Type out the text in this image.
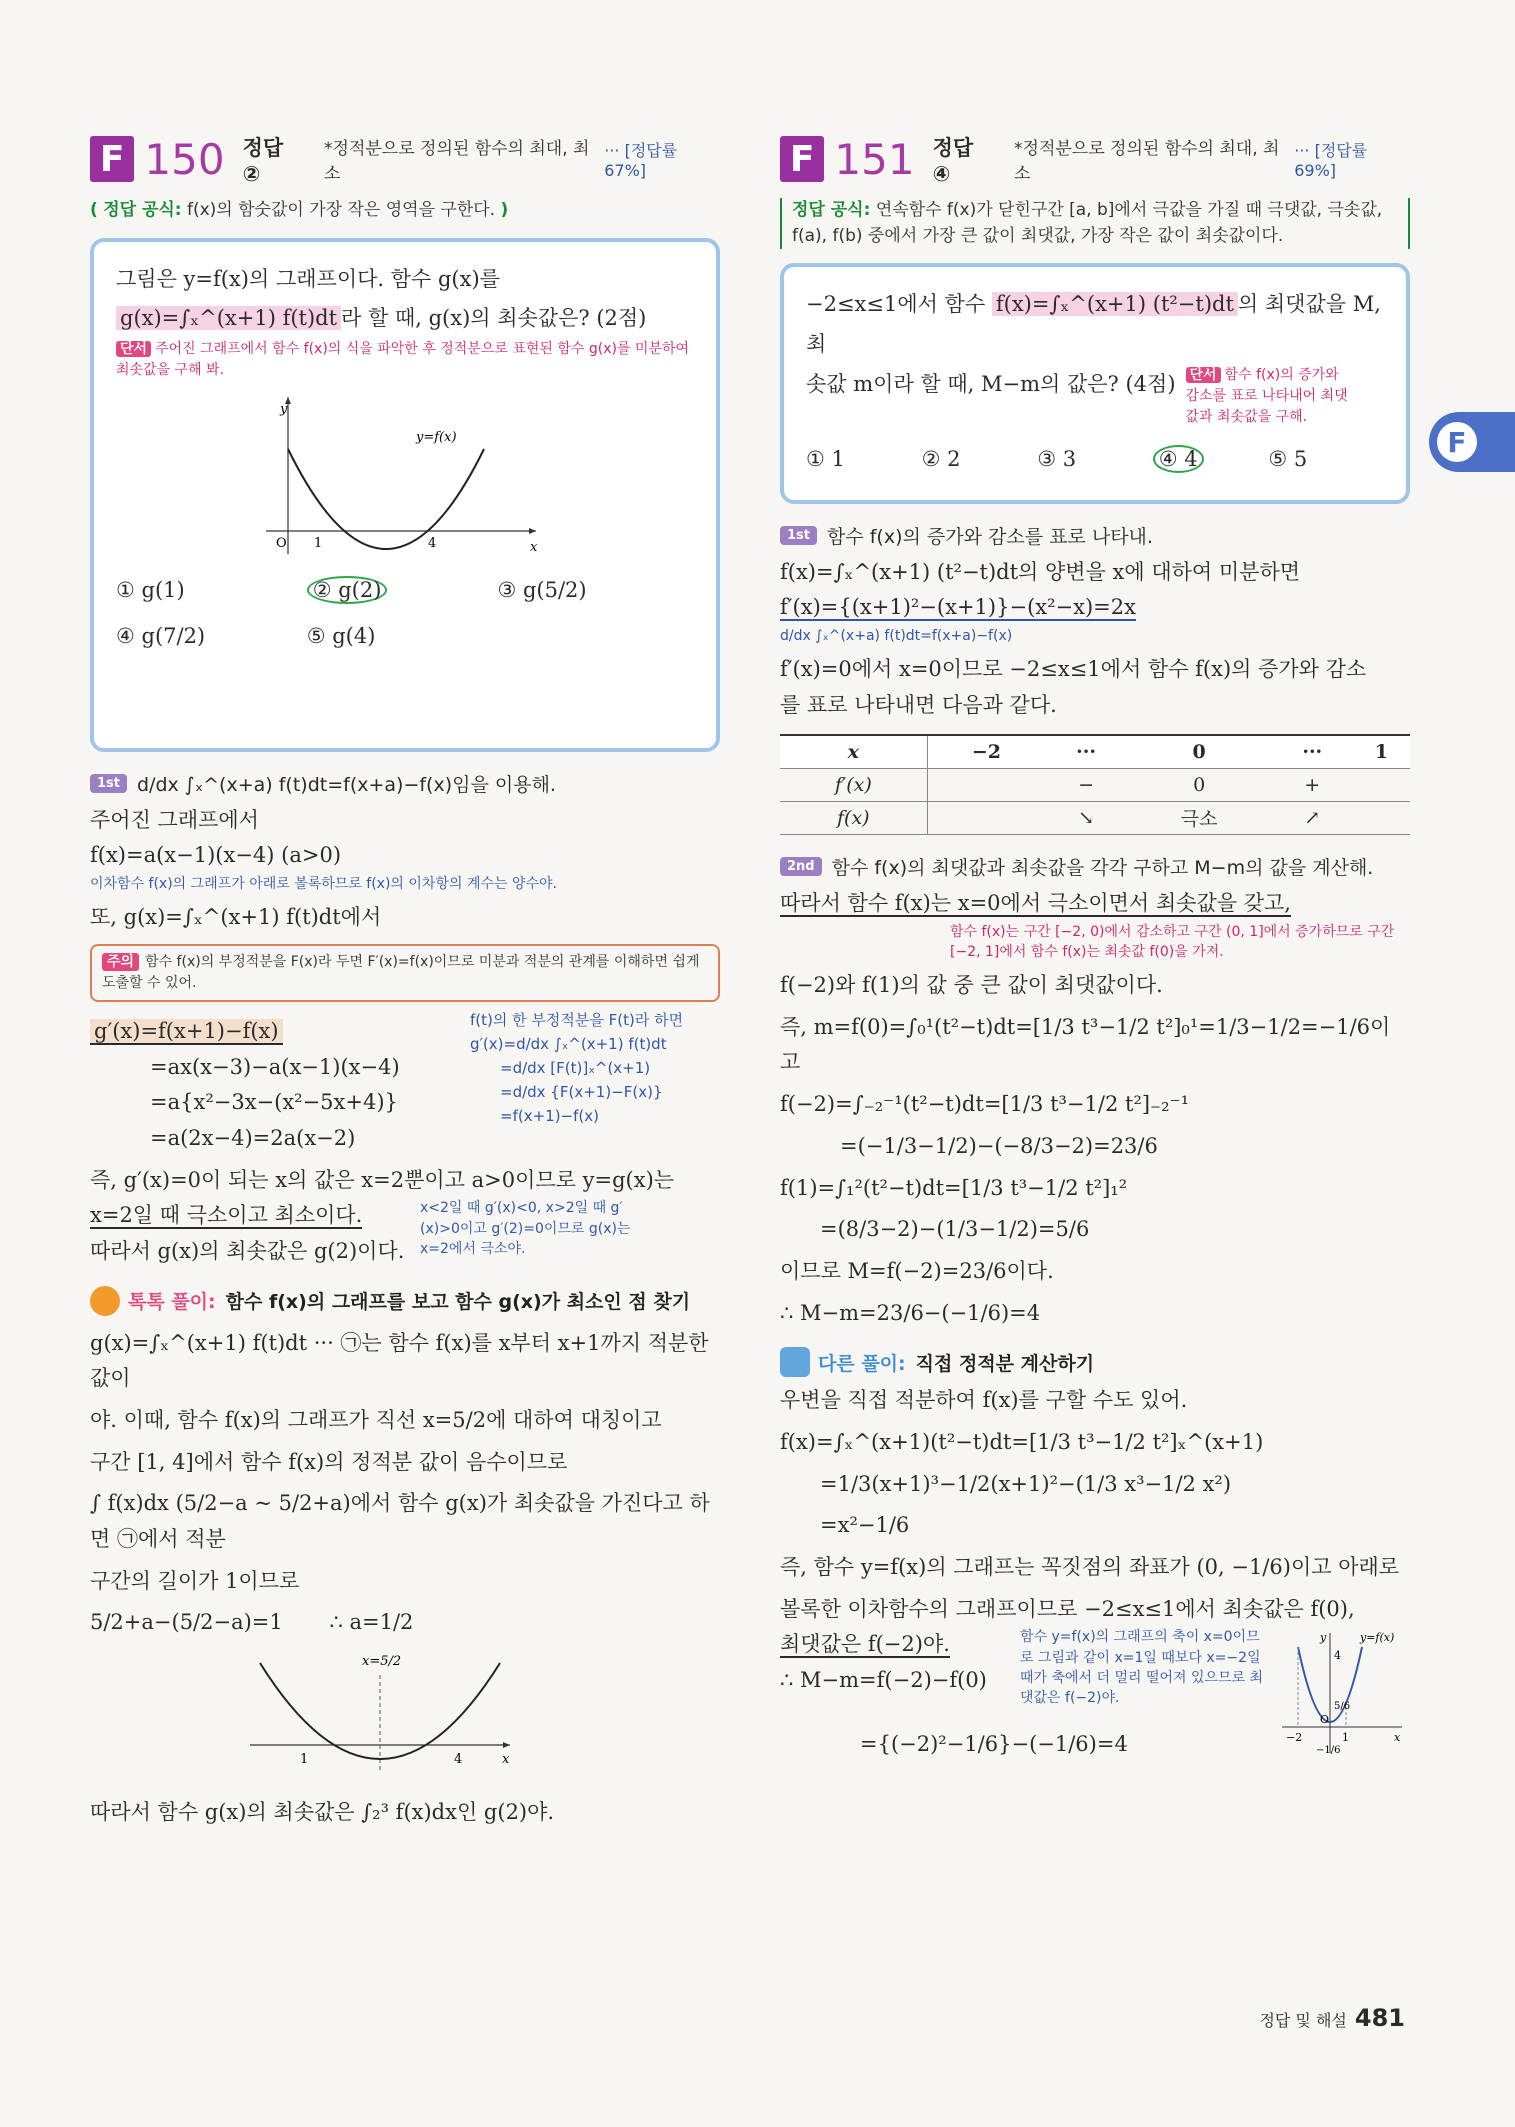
F 150 정답 ②
*정적분으로 정의된 함수의 최대, 최소
··· [정답률 67%]
( 정답 공식: f(x)의 함숫값이 가장 작은 영역을 구한다. )
그림은 y=f(x)의 그래프이다. 함수 g(x)를
g(x)=∫ₓ^(x+1) f(t)dt 라 할 때, g(x)의 최솟값은? (2점)
단서 주어진 그래프에서 함수 f(x)의 식을 파악한 후 정적분으로 표현된 함수 g(x)를 미분하여 최솟값을 구해 봐.
y
x
y=f(x)
O 1	4
① g(1)	② g(2)	③ g(5/2)
④ g(7/2)	⑤ g(4)
1st d/dx ∫ₓ^(x+a) f(t)dt=f(x+a)−f(x)임을 이용해.
주어진 그래프에서
f(x)=a(x−1)(x−4) (a>0)
이차함수 f(x)의 그래프가 아래로 볼록하므로 f(x)의 이차항의 계수는 양수야.
또, g(x)=∫ₓ^(x+1) f(t)dt에서
주의 함수 f(x)의 부정적분을 F(x)라 두면 F′(x)=f(x)이므로 미분과 적분의 관계를 이해하면 쉽게 도출할 수 있어.
g′(x)=f(x+1)−f(x)
=ax(x−3)−a(x−1)(x−4)
=a{x²−3x−(x²−5x+4)}
=a(2x−4)=2a(x−2)
f(t)의 한 부정적분을 F(t)라 하면
g′(x)=d/dx ∫ₓ^(x+1) f(t)dt
=d/dx [F(t)]ₓ^(x+1)
=d/dx {F(x+1)−F(x)}
=f(x+1)−f(x)
즉, g′(x)=0이 되는 x의 값은 x=2뿐이고 a>0이므로 y=g(x)는
x=2일 때 극소이고 최소이다.
따라서 g(x)의 최솟값은 g(2)이다.
x<2일 때 g′(x)<0, x>2일 때 g′(x)>0이고 g′(2)=0이므로 g(x)는 x=2에서 극소야.
톡톡 풀이: 함수 f(x)의 그래프를 보고 함수 g(x)가 최소인 점 찾기
g(x)=∫ₓ^(x+1) f(t)dt ··· ㉠는 함수 f(x)를 x부터 x+1까지 적분한 값이
야. 이때, 함수 f(x)의 그래프가 직선 x=5/2에 대하여 대칭이고
구간 [1, 4]에서 함수 f(x)의 정적분 값이 음수이므로
∫ f(x)dx (5/2−a ~ 5/2+a)에서 함수 g(x)가 최솟값을 가진다고 하면 ㉠에서 적분
구간의 길이가 1이므로
5/2+a−(5/2−a)=1 ∴ a=1/2
x=5/2
x
1	4
따라서 함수 g(x)의 최솟값은 ∫₂³ f(x)dx인 g(2)야.
F 151 정답 ④
*정적분으로 정의된 함수의 최대, 최소
··· [정답률 69%]
정답 공식: 연속함수 f(x)가 닫힌구간 [a, b]에서 극값을 가질 때 극댓값, 극솟값, f(a), f(b) 중에서 가장 큰 값이 최댓값, 가장 작은 값이 최솟값이다.
−2≤x≤1에서 함수 f(x)=∫ₓ^(x+1) (t²−t)dt 의 최댓값을 M, 최
솟값 m이라 할 때, M−m의 값은? (4점) 단서 함수 f(x)의 증가와 감소를 표로 나타내어 최댓값과 최솟값을 구해.
① 1	② 2	③ 3	④ 4	⑤ 5
1st 함수 f(x)의 증가와 감소를 표로 나타내.
f(x)=∫ₓ^(x+1) (t²−t)dt의 양변을 x에 대하여 미분하면
f′(x)={(x+1)²−(x+1)}−(x²−x)=2x
d/dx ∫ₓ^(x+a) f(t)dt=f(x+a)−f(x)
f′(x)=0에서 x=0이므로 −2≤x≤1에서 함수 f(x)의 증가와 감소
를 표로 나타내면 다음과 같다.
x	−2	···	0	···	1
f′(x)		−	0	+	
f(x)		↘	극소	↗	
2nd 함수 f(x)의 최댓값과 최솟값을 각각 구하고 M−m의 값을 계산해.
따라서 함수 f(x)는 x=0에서 극소이면서 최솟값을 갖고,
함수 f(x)는 구간 [−2, 0)에서 감소하고 구간 (0, 1]에서 증가하므로 구간 [−2, 1]에서 함수 f(x)는 최솟값 f(0)을 가져.
f(−2)와 f(1)의 값 중 큰 값이 최댓값이다.
즉, m=f(0)=∫₀¹(t²−t)dt=[1/3 t³−1/2 t²]₀¹=1/3−1/2=−1/6이고
f(−2)=∫₋₂⁻¹(t²−t)dt=[1/3 t³−1/2 t²]₋₂⁻¹
=(−1/3−1/2)−(−8/3−2)=23/6
f(1)=∫₁²(t²−t)dt=[1/3 t³−1/2 t²]₁²
=(8/3−2)−(1/3−1/2)=5/6
이므로 M=f(−2)=23/6이다.
∴ M−m=23/6−(−1/6)=4
다른 풀이: 직접 정적분 계산하기
우변을 직접 적분하여 f(x)를 구할 수도 있어.
f(x)=∫ₓ^(x+1)(t²−t)dt=[1/3 t³−1/2 t²]ₓ^(x+1)
=1/3(x+1)³−1/2(x+1)²−(1/3 x³−1/2 x²)
=x²−1/6
즉, 함수 y=f(x)의 그래프는 꼭짓점의 좌표가 (0, −1/6)이고 아래로
볼록한 이차함수의 그래프이므로 −2≤x≤1에서 최솟값은 f(0),
최댓값은 f(−2)야.
∴ M−m=f(−2)−f(0)
함수 y=f(x)의 그래프의 축이 x=0이므로 그림과 같이 x=1일 때보다 x=−2일 때가 축에서 더 멀리 떨어져 있으므로 최댓값은 f(−2)야.
y	y=f(x)
4
5/6
O
−2	1
−1/6
x
={(−2)²−1/6}−(−1/6)=4
F
정답 및 해설 481
